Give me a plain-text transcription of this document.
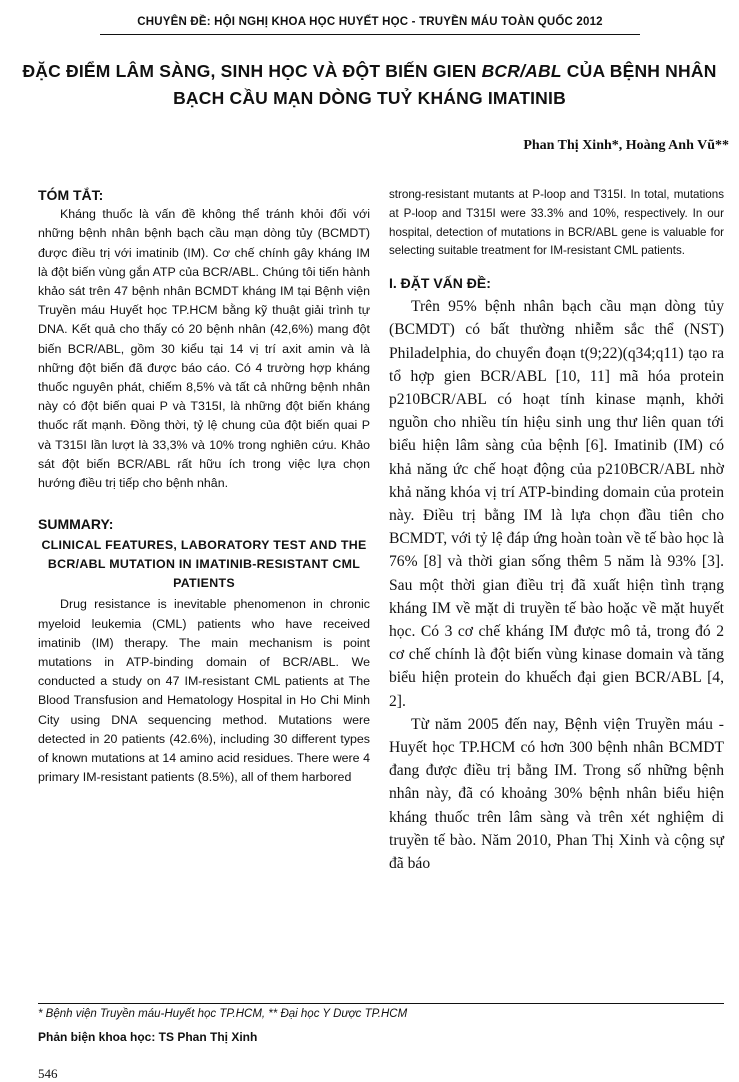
CHUYÊN ĐỀ: HỘI NGHỊ KHOA HỌC HUYẾT HỌC - TRUYỀN MÁU TOÀN QUỐC 2012
ĐẶC ĐIỂM LÂM SÀNG, SINH HỌC VÀ ĐỘT BIẾN GIEN BCR/ABL CỦA BỆNH NHÂN BẠCH CẦU MẠN DÒNG TUỶ KHÁNG IMATINIB
Phan Thị Xinh*, Hoàng Anh Vũ**

TÓM TẮT:

Kháng thuốc là vấn đề không thể tránh khỏi đối với những bệnh nhân bệnh bạch cầu mạn dòng tủy (BCMDT) được điều trị với imatinib (IM). Cơ chế chính gây kháng IM là đột biến vùng gắn ATP của BCR/ABL. Chúng tôi tiến hành khảo sát trên 47 bệnh nhân BCMDT kháng IM tại Bệnh viện Truyền máu Huyết học TP.HCM bằng kỹ thuật giải trình tự DNA. Kết quả cho thấy có 20 bệnh nhân (42,6%) mang đột biến BCR/ABL, gồm 30 kiểu tại 14 vị trí axit amin và là những đột biến đã được báo cáo. Có 4 trường hợp kháng thuốc nguyên phát, chiếm 8,5% và tất cả những bệnh nhân này có đột biến quai P và T315I, là những đột biến kháng thuốc rất mạnh. Đồng thời, tỷ lệ chung của đột biến quai P và T315I lần lượt là 33,3% và 10% trong nghiên cứu. Khảo sát đột biến BCR/ABL rất hữu ích trong việc lựa chọn hướng điều trị tiếp cho bệnh nhân.

SUMMARY:

CLINICAL FEATURES, LABORATORY TEST AND THE BCR/ABL MUTATION IN IMATINIB-RESISTANT CML PATIENTS

Drug resistance is inevitable phenomenon in chronic myeloid leukemia (CML) patients who have received imatinib (IM) therapy. The main mechanism is point mutations in ATP-binding domain of BCR/ABL. We conducted a study on 47 IM-resistant CML patients at The Blood Transfusion and Hematology Hospital in Ho Chi Minh City using DNA sequencing method. Mutations were detected in 20 patients (42.6%), including 30 different types of known mutations at 14 amino acid residues. There were 4 primary IM-resistant patients (8.5%), all of them harbored

strong-resistant mutants at P-loop and T315I. In total, mutations at P-loop and T315I were 33.3% and 10%, respectively. In our hospital, detection of mutations in BCR/ABL gene is valuable for selecting suitable treatment for IM-resistant CML patients.

I. ĐẶT VẤN ĐỀ:

Trên 95% bệnh nhân bạch cầu mạn dòng tủy (BCMDT) có bất thường nhiễm sắc thể (NST) Philadelphia, do chuyển đoạn t(9;22)(q34;q11) tạo ra tổ hợp gien BCR/ABL [10, 11] mã hóa protein p210BCR/ABL có hoạt tính kinase mạnh, khởi nguồn cho nhiều tín hiệu sinh ung thư liên quan tới biểu hiện lâm sàng của bệnh [6]. Imatinib (IM) có khả năng ức chế hoạt động của p210BCR/ABL nhờ khả năng khóa vị trí ATP-binding domain của protein này. Điều trị bằng IM là lựa chọn đầu tiên cho BCMDT, với tỷ lệ đáp ứng hoàn toàn về tế bào học là 76% [8] và thời gian sống thêm 5 năm là 93% [3]. Sau một thời gian điều trị đã xuất hiện tình trạng kháng IM về mặt di truyền tế bào hoặc về mặt huyết học. Có 3 cơ chế kháng IM được mô tả, trong đó 2 cơ chế chính là đột biến vùng kinase domain và tăng biểu hiện protein do khuếch đại gien BCR/ABL [4, 2].

Từ năm 2005 đến nay, Bệnh viện Truyền máu - Huyết học TP.HCM có hơn 300 bệnh nhân BCMDT đang được điều trị bằng IM. Trong số những bệnh nhân này, đã có khoảng 30% bệnh nhân biểu hiện kháng thuốc trên lâm sàng và trên xét nghiệm di truyền tế bào. Năm 2010, Phan Thị Xinh và cộng sự đã báo

* Bệnh viện Truyền máu-Huyết học TP.HCM, ** Đại học Y Dược TP.HCM
Phản biện khoa học: TS Phan Thị Xinh
546
